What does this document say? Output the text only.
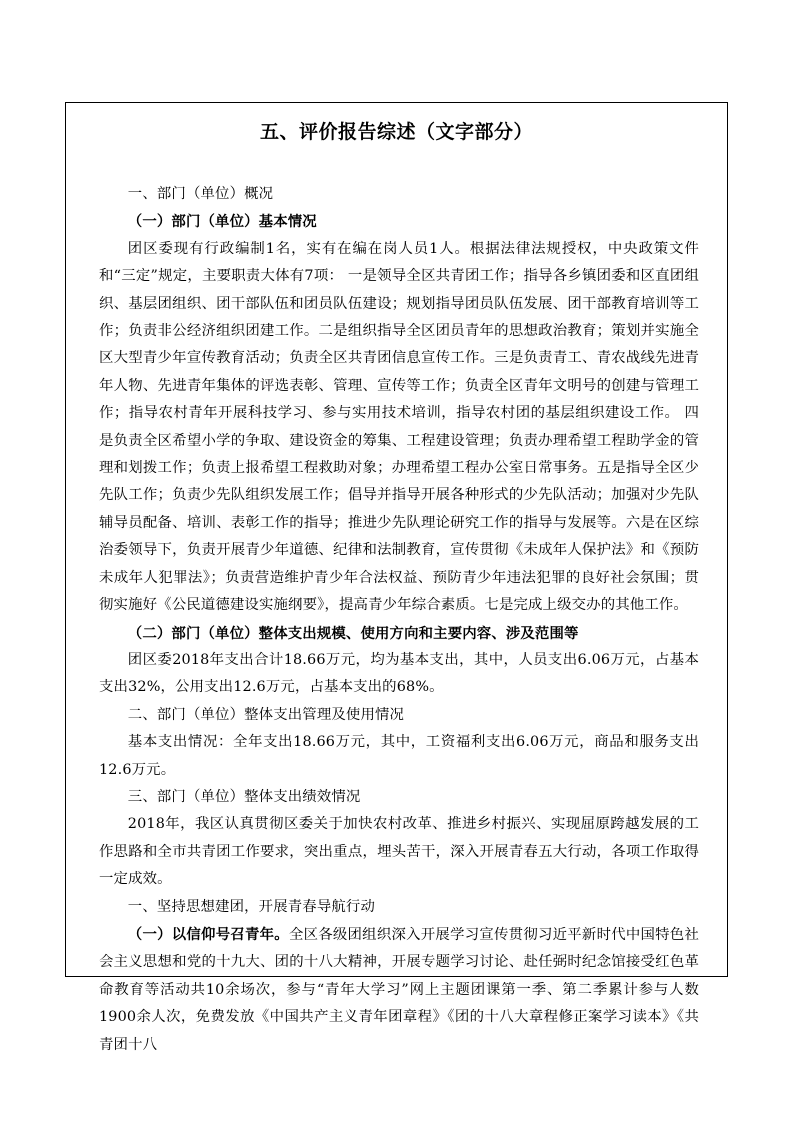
五、评价报告综述（文字部分）

一、部门（单位）概况

（一）部门（单位）基本情况

团区委现有行政编制1名，实有在编在岗人员1人。根据法律法规授权，中央政策文件和“三定”规定，主要职责大体有7项： 一是领导全区共青团工作；指导各乡镇团委和区直团组织、基层团组织、团干部队伍和团员队伍建设；规划指导团员队伍发展、团干部教育培训等工作；负责非公经济组织团建工作。二是组织指导全区团员青年的思想政治教育；策划并实施全区大型青少年宣传教育活动；负责全区共青团信息宣传工作。三是负责青工、青农战线先进青年人物、先进青年集体的评选表彰、管理、宣传等工作；负责全区青年文明号的创建与管理工作；指导农村青年开展科技学习、参与实用技术培训，指导农村团的基层组织建设工作。 四是负责全区希望小学的争取、建设资金的筹集、工程建设管理；负责办理希望工程助学金的管理和划拨工作；负责上报希望工程救助对象；办理希望工程办公室日常事务。五是指导全区少先队工作；负责少先队组织发展工作；倡导并指导开展各种形式的少先队活动；加强对少先队辅导员配备、培训、表彰工作的指导；推进少先队理论研究工作的指导与发展等。六是在区综治委领导下，负责开展青少年道德、纪律和法制教育，宣传贯彻《未成年人保护法》和《预防未成年人犯罪法》；负责营造维护青少年合法权益、预防青少年违法犯罪的良好社会氛围；贯彻实施好《公民道德建设实施纲要》，提高青少年综合素质。七是完成上级交办的其他工作。

（二）部门（单位）整体支出规模、使用方向和主要内容、涉及范围等

团区委2018年支出合计18.66万元，均为基本支出，其中，人员支出6.06万元，占基本支出32%，公用支出12.6万元，占基本支出的68%。

二、部门（单位）整体支出管理及使用情况

基本支出情况：全年支出18.66万元，其中，工资福利支出6.06万元，商品和服务支出12.6万元。

三、部门（单位）整体支出绩效情况

2018年，我区认真贯彻区委关于加快农村改革、推进乡村振兴、实现屈原跨越发展的工作思路和全市共青团工作要求，突出重点，埋头苦干，深入开展青春五大行动，各项工作取得一定成效。

一、坚持思想建团，开展青春导航行动

（一）以信仰号召青年。全区各级团组织深入开展学习宣传贯彻习近平新时代中国特色社会主义思想和党的十九大、团的十八大精神，开展专题学习讨论、赴任弼时纪念馆接受红色革命教育等活动共10余场次，参与“青年大学习”网上主题团课第一季、第二季累计参与人数1900余人次，免费发放《中国共产主义青年团章程》《团的十八大章程修正案学习读本》《共青团十八
